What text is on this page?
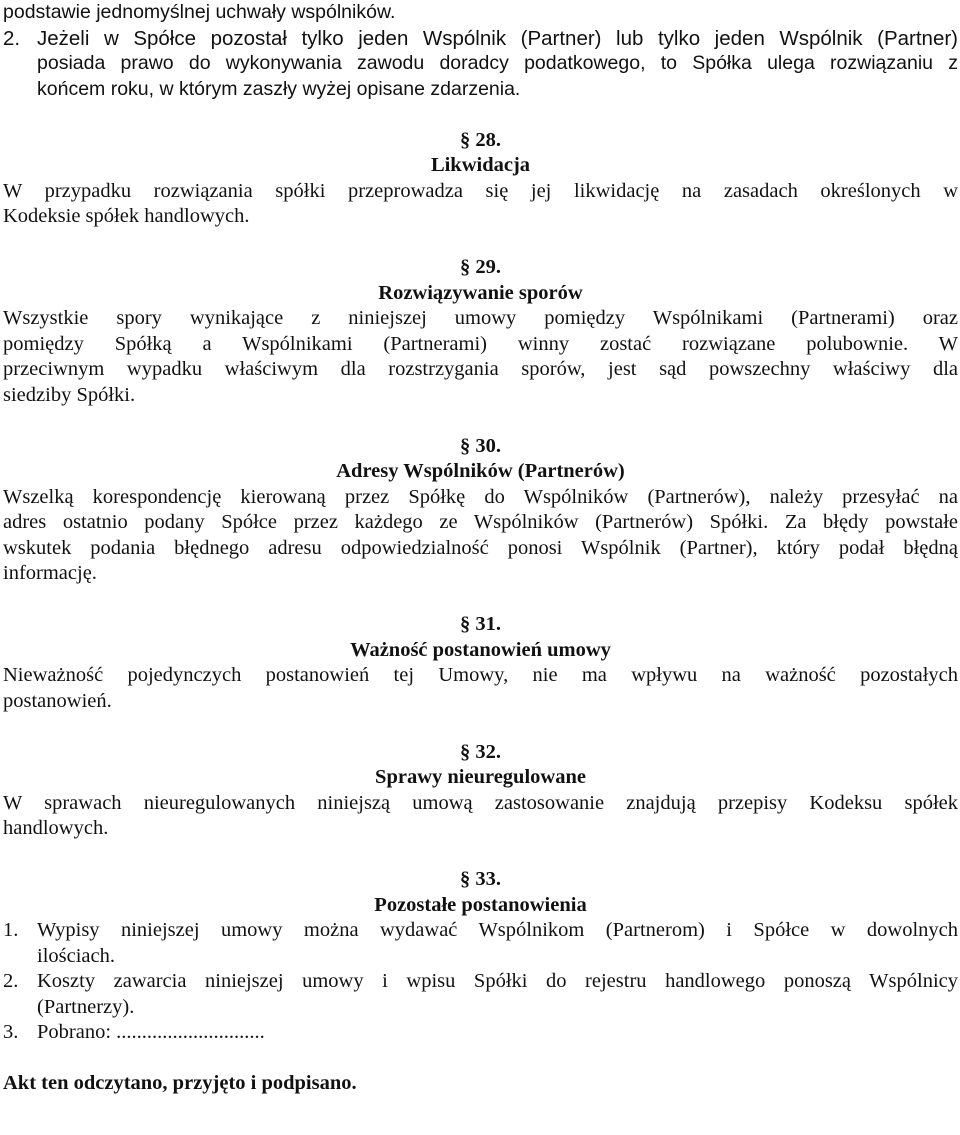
podstawie jednomyślnej uchwały wspólników.
2. Jeżeli w Spółce pozostał tylko jeden Wspólnik (Partner) lub tylko jeden Wspólnik (Partner)
posiada prawo do wykonywania zawodu doradcy podatkowego, to Spółka ulega rozwiązaniu z
końcem roku, w którym zaszły wyżej opisane zdarzenia.
§ 28.
Likwidacja
W przypadku rozwiązania spółki przeprowadza się jej likwidację na zasadach określonych w
Kodeksie spółek handlowych.
§ 29.
Rozwiązywanie sporów
Wszystkie spory wynikające z niniejszej umowy pomiędzy Wspólnikami (Partnerami) oraz
pomiędzy Spółką a Wspólnikami (Partnerami) winny zostać rozwiązane polubownie. W
przeciwnym wypadku właściwym dla rozstrzygania sporów, jest sąd powszechny właściwy dla
siedziby Spółki.
§ 30.
Adresy Wspólników (Partnerów)
Wszelką korespondencję kierowaną przez Spółkę do Wspólników (Partnerów), należy przesyłać na
adres ostatnio podany Spółce przez każdego ze Wspólników (Partnerów) Spółki. Za błędy powstałe
wskutek podania błędnego adresu odpowiedzialność ponosi Wspólnik (Partner), który podał błędną
informację.
§ 31.
Ważność postanowień umowy
Nieważność pojedynczych postanowień tej Umowy, nie ma wpływu na ważność pozostałych
postanowień.
§ 32.
Sprawy nieuregulowane
W sprawach nieuregulowanych niniejszą umową zastosowanie znajdują przepisy Kodeksu spółek
handlowych.
§ 33.
Pozostałe postanowienia
1. Wypisy niniejszej umowy można wydawać Wspólnikom (Partnerom) i Spółce w dowolnych
ilościach.
2. Koszty zawarcia niniejszej umowy i wpisu Spółki do rejestru handlowego ponoszą Wspólnicy
(Partnerzy).
3. Pobrano: .............................
Akt ten odczytano, przyjęto i podpisano.
